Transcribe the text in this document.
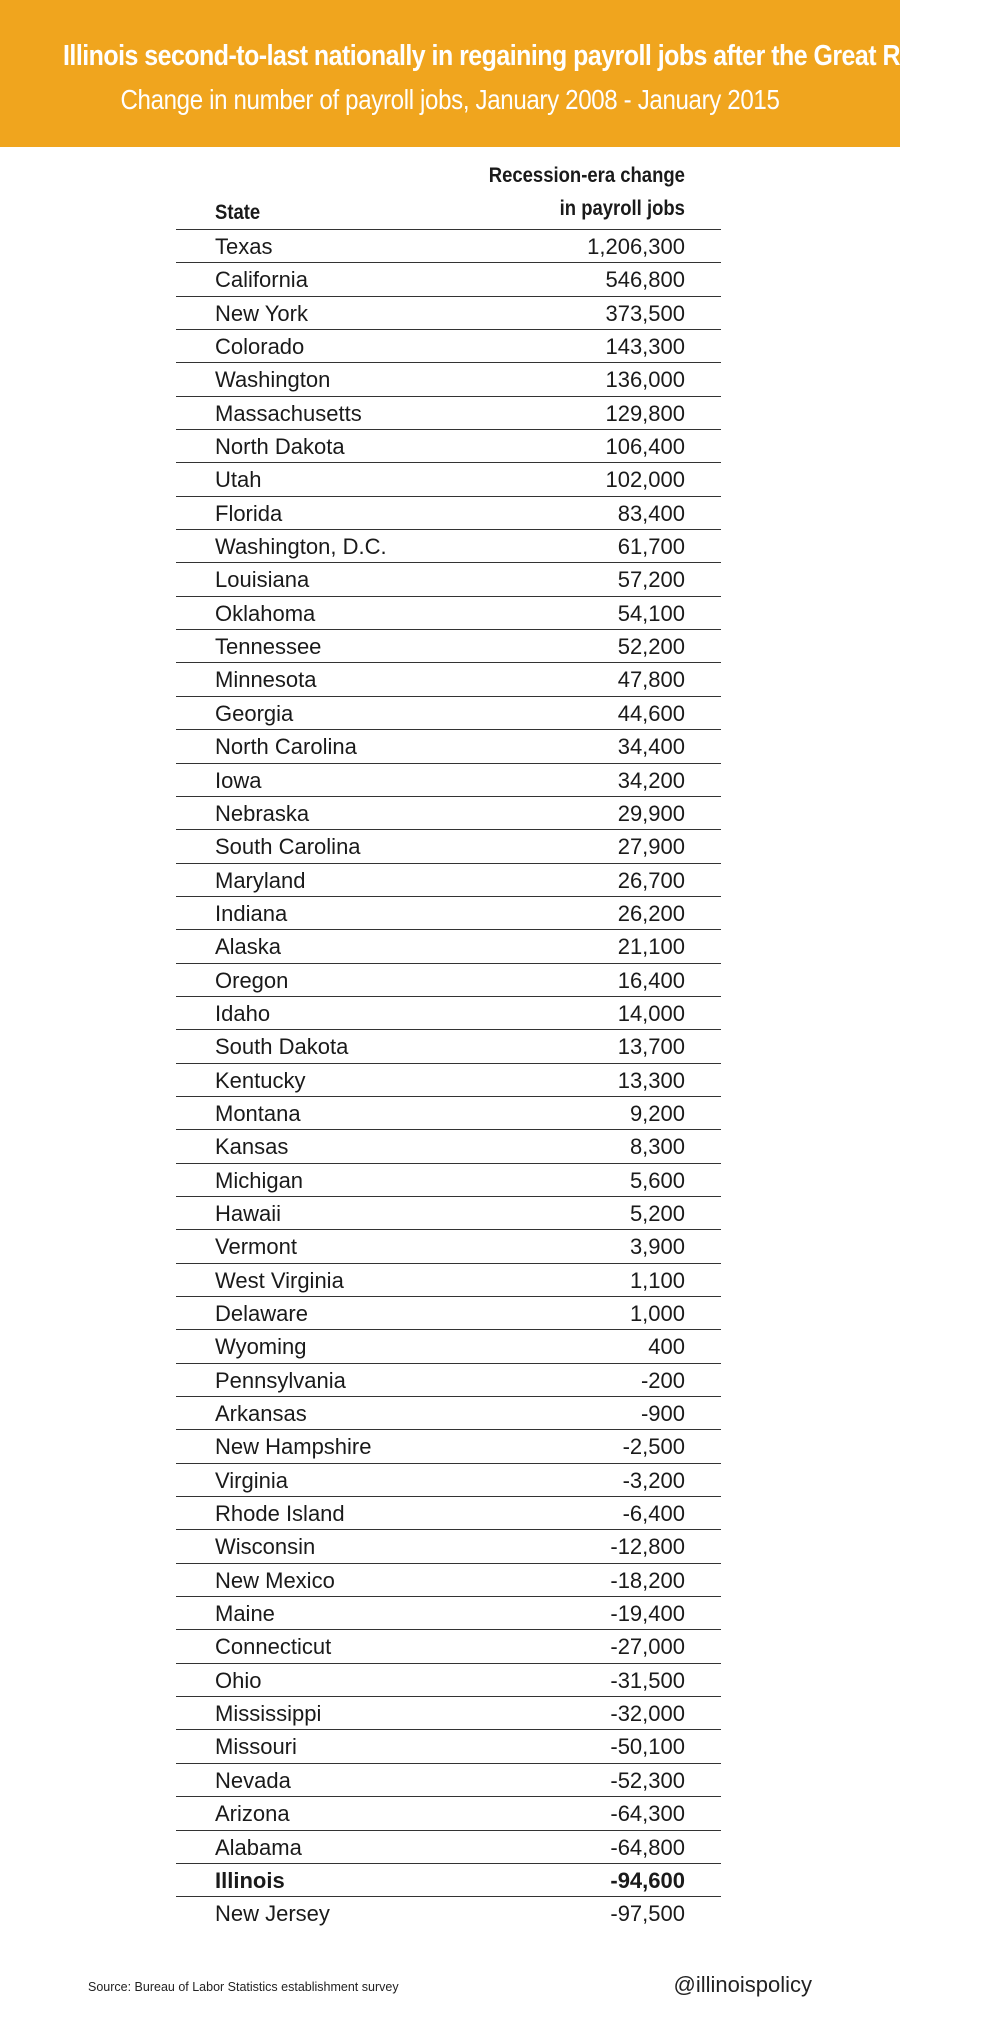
Illinois second-to-last nationally in regaining payroll jobs after the Great Recession
Change in number of payroll jobs, January 2008 - January 2015
State
Recession-era change
in payroll jobs
Texas	1,206,300
California	546,800
New York	373,500
Colorado	143,300
Washington	136,000
Massachusetts	129,800
North Dakota	106,400
Utah	102,000
Florida	83,400
Washington, D.C.	61,700
Louisiana	57,200
Oklahoma	54,100
Tennessee	52,200
Minnesota	47,800
Georgia	44,600
North Carolina	34,400
Iowa	34,200
Nebraska	29,900
South Carolina	27,900
Maryland	26,700
Indiana	26,200
Alaska	21,100
Oregon	16,400
Idaho	14,000
South Dakota	13,700
Kentucky	13,300
Montana	9,200
Kansas	8,300
Michigan	5,600
Hawaii	5,200
Vermont	3,900
West Virginia	1,100
Delaware	1,000
Wyoming	400
Pennsylvania	-200
Arkansas	-900
New Hampshire	-2,500
Virginia	-3,200
Rhode Island	-6,400
Wisconsin	-12,800
New Mexico	-18,200
Maine	-19,400
Connecticut	-27,000
Ohio	-31,500
Mississippi	-32,000
Missouri	-50,100
Nevada	-52,300
Arizona	-64,300
Alabama	-64,800
Illinois	-94,600
New Jersey	-97,500
Source: Bureau of Labor Statistics establishment survey	@illinoispolicy
